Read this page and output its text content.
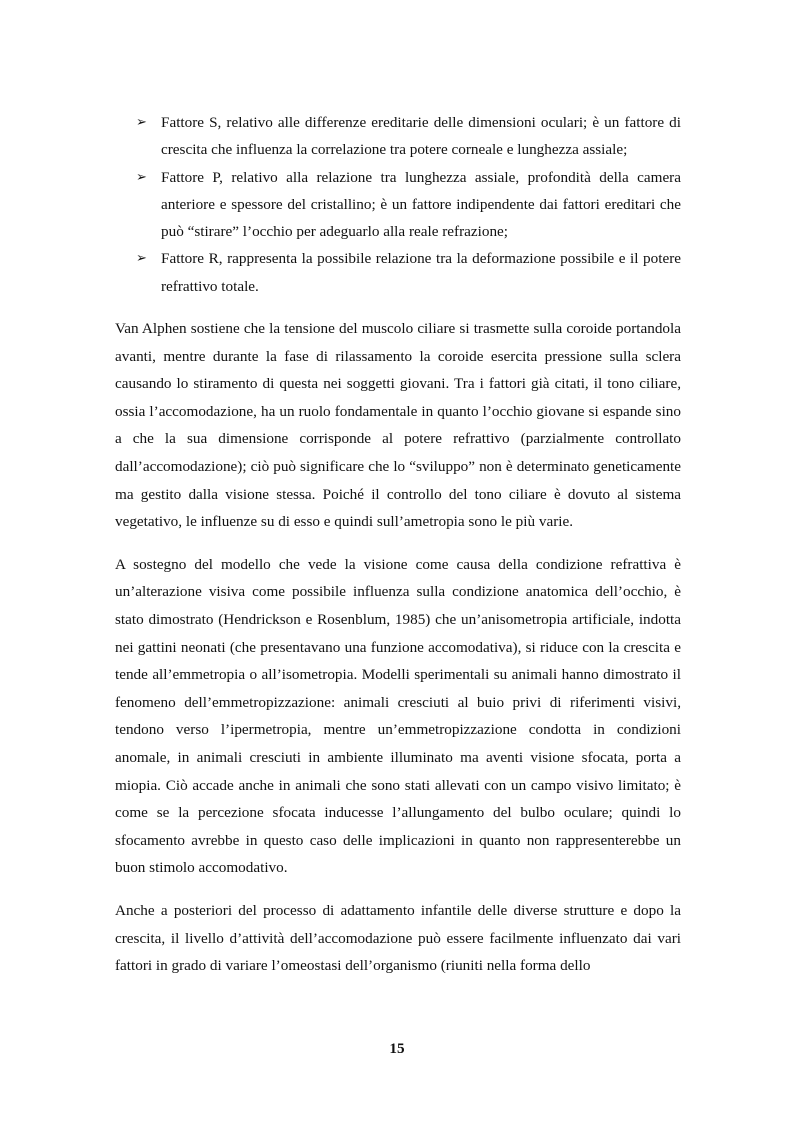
➢ Fattore S, relativo alle differenze ereditarie delle dimensioni oculari; è un fattore di crescita che influenza la correlazione tra potere corneale e lunghezza assiale;
➢ Fattore P, relativo alla relazione tra lunghezza assiale, profondità della camera anteriore e spessore del cristallino; è un fattore indipendente dai fattori ereditari che può “stirare” l’occhio per adeguarlo alla reale refrazione;
➢ Fattore R, rappresenta la possibile relazione tra la deformazione possibile e il potere refrattivo totale.

Van Alphen sostiene che la tensione del muscolo ciliare si trasmette sulla coroide portandola avanti, mentre durante la fase di rilassamento la coroide esercita pressione sulla sclera causando lo stiramento di questa nei soggetti giovani. Tra i fattori già citati, il tono ciliare, ossia l’accomodazione, ha un ruolo fondamentale in quanto l’occhio giovane si espande sino a che la sua dimensione corrisponde al potere refrattivo (parzialmente controllato dall’accomodazione); ciò può significare che lo “sviluppo” non è determinato geneticamente ma gestito dalla visione stessa. Poiché il controllo del tono ciliare è dovuto al sistema vegetativo, le influenze su di esso e quindi sull’ametropia sono le più varie.

A sostegno del modello che vede la visione come causa della condizione refrattiva è un’alterazione visiva come possibile influenza sulla condizione anatomica dell’occhio, è stato dimostrato (Hendrickson e Rosenblum, 1985) che un’anisometropia artificiale, indotta nei gattini neonati (che presentavano una funzione accomodativa), si riduce con la crescita e tende all’emmetropia o all’isometropia. Modelli sperimentali su animali hanno dimostrato il fenomeno dell’emmetropizzazione: animali cresciuti al buio privi di riferimenti visivi, tendono verso l’ipermetropia, mentre un’emmetropizzazione condotta in condizioni anomale, in animali cresciuti in ambiente illuminato ma aventi visione sfocata, porta a miopia. Ciò accade anche in animali che sono stati allevati con un campo visivo limitato; è come se la percezione sfocata inducesse l’allungamento del bulbo oculare; quindi lo sfocamento avrebbe in questo caso delle implicazioni in quanto non rappresenterebbe un buon stimolo accomodativo.

Anche a posteriori del processo di adattamento infantile delle diverse strutture e dopo la crescita, il livello d’attività dell’accomodazione può essere facilmente influenzato dai vari fattori in grado di variare l’omeostasi dell’organismo (riuniti nella forma dello

15
